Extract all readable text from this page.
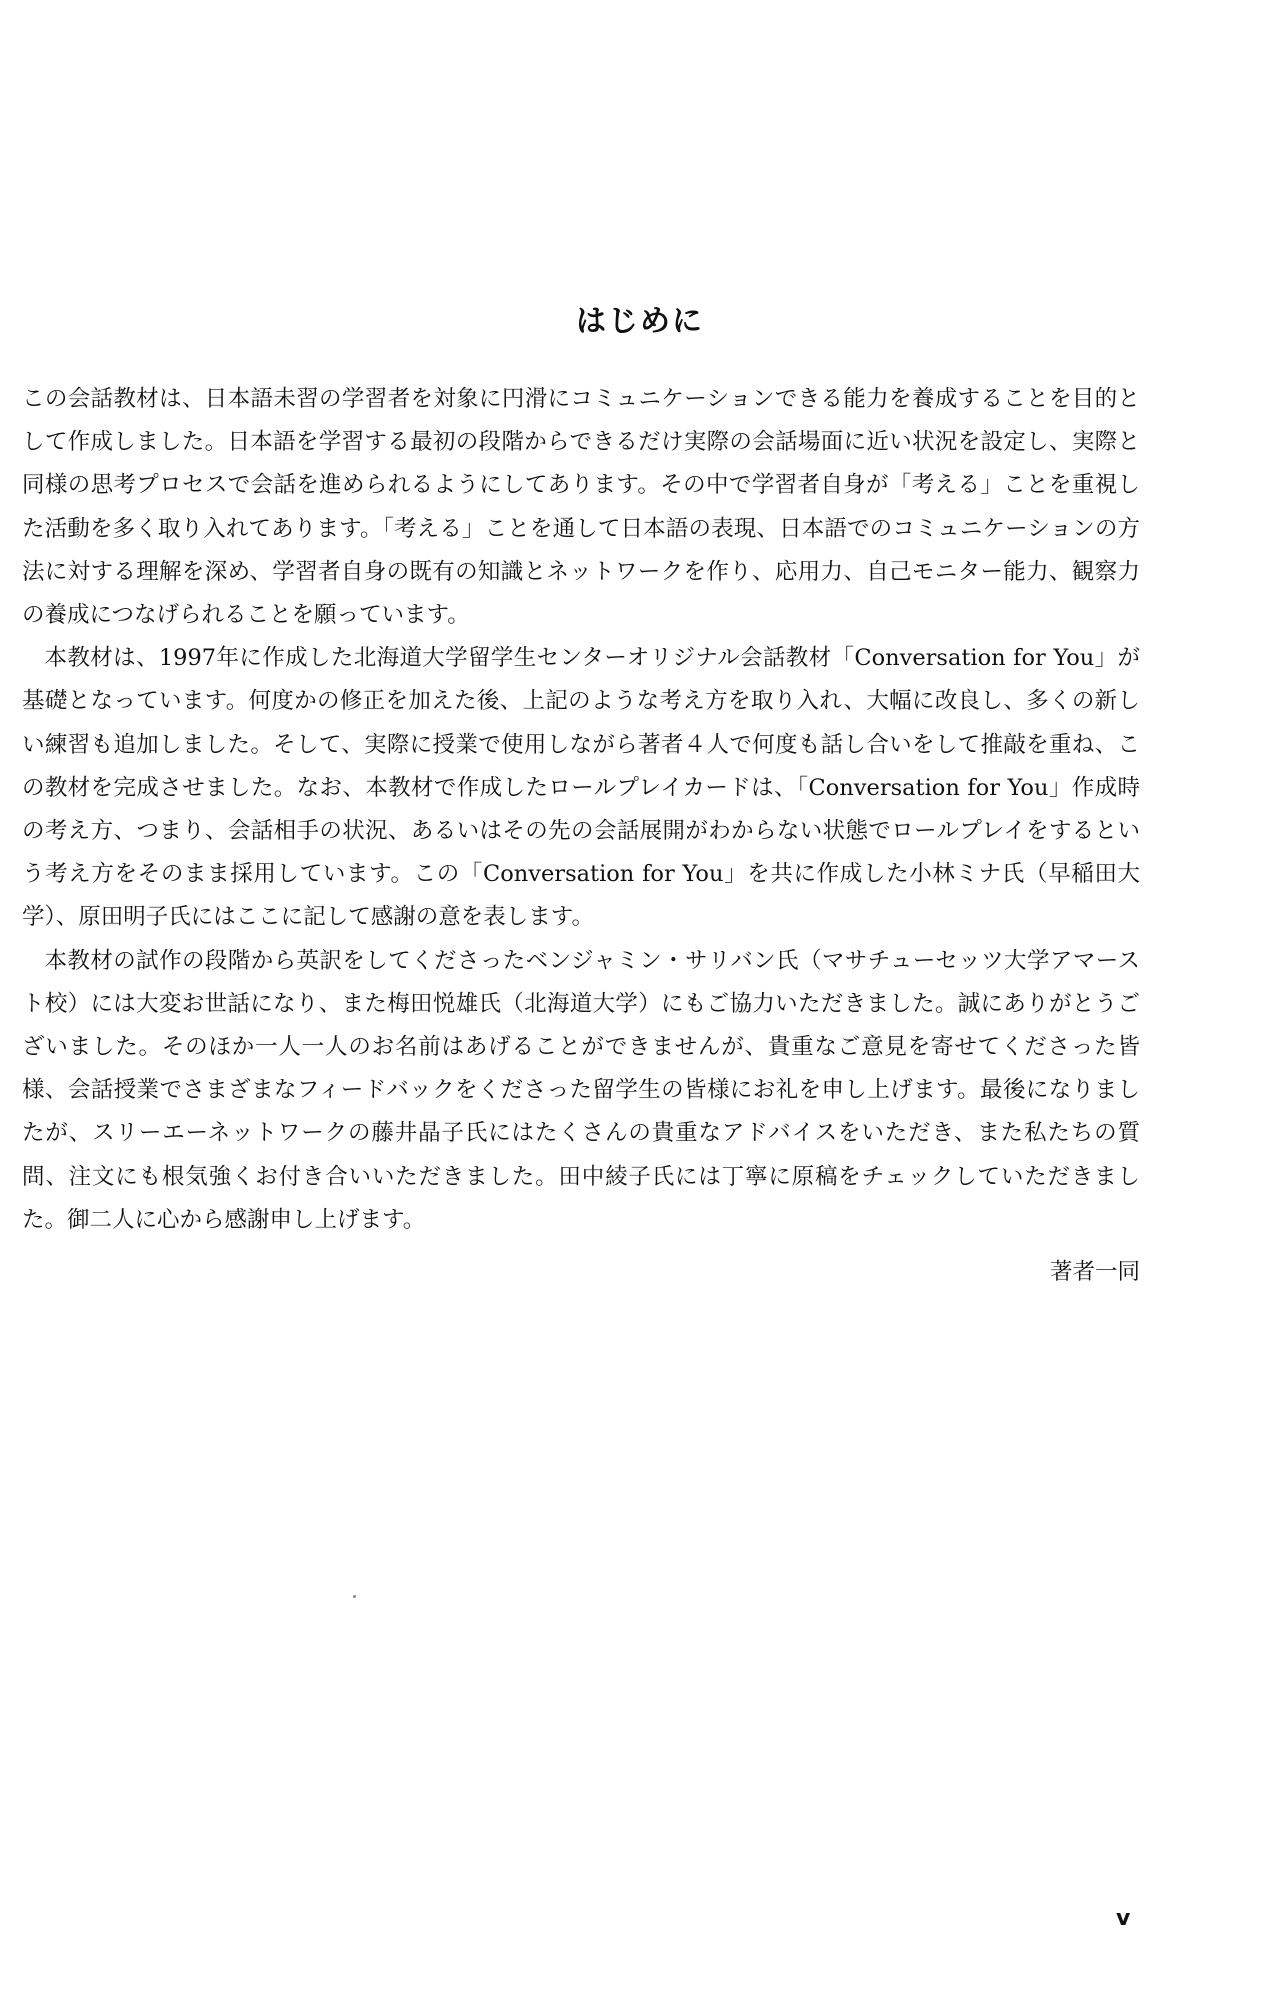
はじめに

この会話教材は、日本語未習の学習者を対象に円滑にコミュニケーションできる能力を養成することを目的として作成しました。日本語を学習する最初の段階からできるだけ実際の会話場面に近い状況を設定し、実際と同様の思考プロセスで会話を進められるようにしてあります。その中で学習者自身が「考える」ことを重視した活動を多く取り入れてあります。「考える」ことを通して日本語の表現、日本語でのコミュニケーションの方法に対する理解を深め、学習者自身の既有の知識とネットワークを作り、応用力、自己モニター能力、観察力の養成につなげられることを願っています。

本教材は、1997年に作成した北海道大学留学生センターオリジナル会話教材「Conversation for You」が基礎となっています。何度かの修正を加えた後、上記のような考え方を取り入れ、大幅に改良し、多くの新しい練習も追加しました。そして、実際に授業で使用しながら著者４人で何度も話し合いをして推敲を重ね、この教材を完成させました。なお、本教材で作成したロールプレイカードは、「Conversation for You」作成時の考え方、つまり、会話相手の状況、あるいはその先の会話展開がわからない状態でロールプレイをするという考え方をそのまま採用しています。この「Conversation for You」を共に作成した小林ミナ氏（早稲田大学）、原田明子氏にはここに記して感謝の意を表します。

本教材の試作の段階から英訳をしてくださったベンジャミン・サリバン氏（マサチューセッツ大学アマースト校）には大変お世話になり、また梅田悦雄氏（北海道大学）にもご協力いただきました。誠にありがとうございました。そのほか一人一人のお名前はあげることができませんが、貴重なご意見を寄せてくださった皆様、会話授業でさまざまなフィードバックをくださった留学生の皆様にお礼を申し上げます。最後になりましたが、スリーエーネットワークの藤井晶子氏にはたくさんの貴重なアドバイスをいただき、また私たちの質問、注文にも根気強くお付き合いいただきました。田中綾子氏には丁寧に原稿をチェックしていただきました。御二人に心から感謝申し上げます。

著者一同
v
